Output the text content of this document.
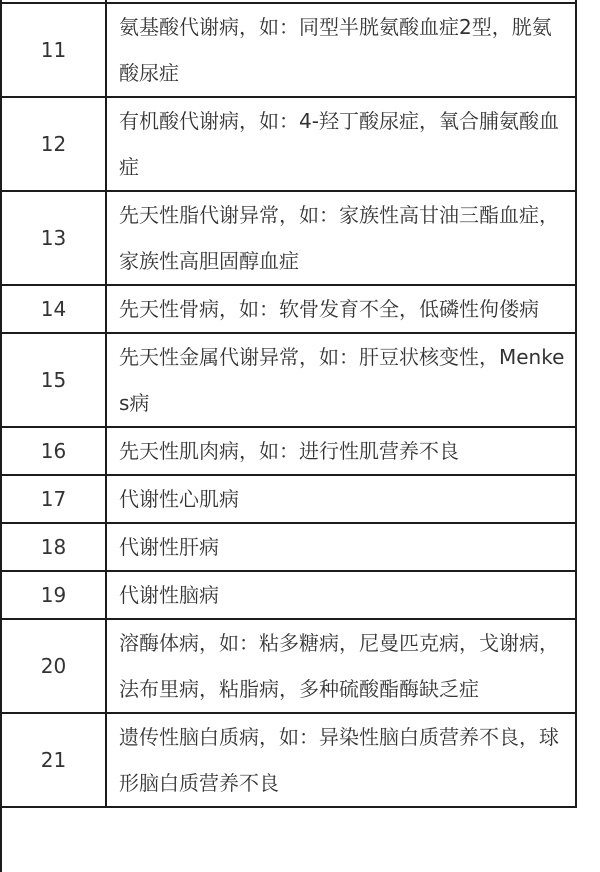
11	氨基酸代谢病，如：同型半胱氨酸血症2型，胱氨酸尿症
12	有机酸代谢病，如：4-羟丁酸尿症，氧合脯氨酸血症
13	先天性脂代谢异常，如：家族性高甘油三酯血症，家族性高胆固醇血症
14	先天性骨病，如：软骨发育不全，低磷性佝偻病
15	先天性金属代谢异常，如：肝豆状核变性，Menkes病
16	先天性肌肉病，如：进行性肌营养不良
17	代谢性心肌病
18	代谢性肝病
19	代谢性脑病
20	溶酶体病，如：粘多糖病，尼曼匹克病，戈谢病，法布里病，粘脂病，多种硫酸酯酶缺乏症
21	遗传性脑白质病，如：异染性脑白质营养不良，球形脑白质营养不良
